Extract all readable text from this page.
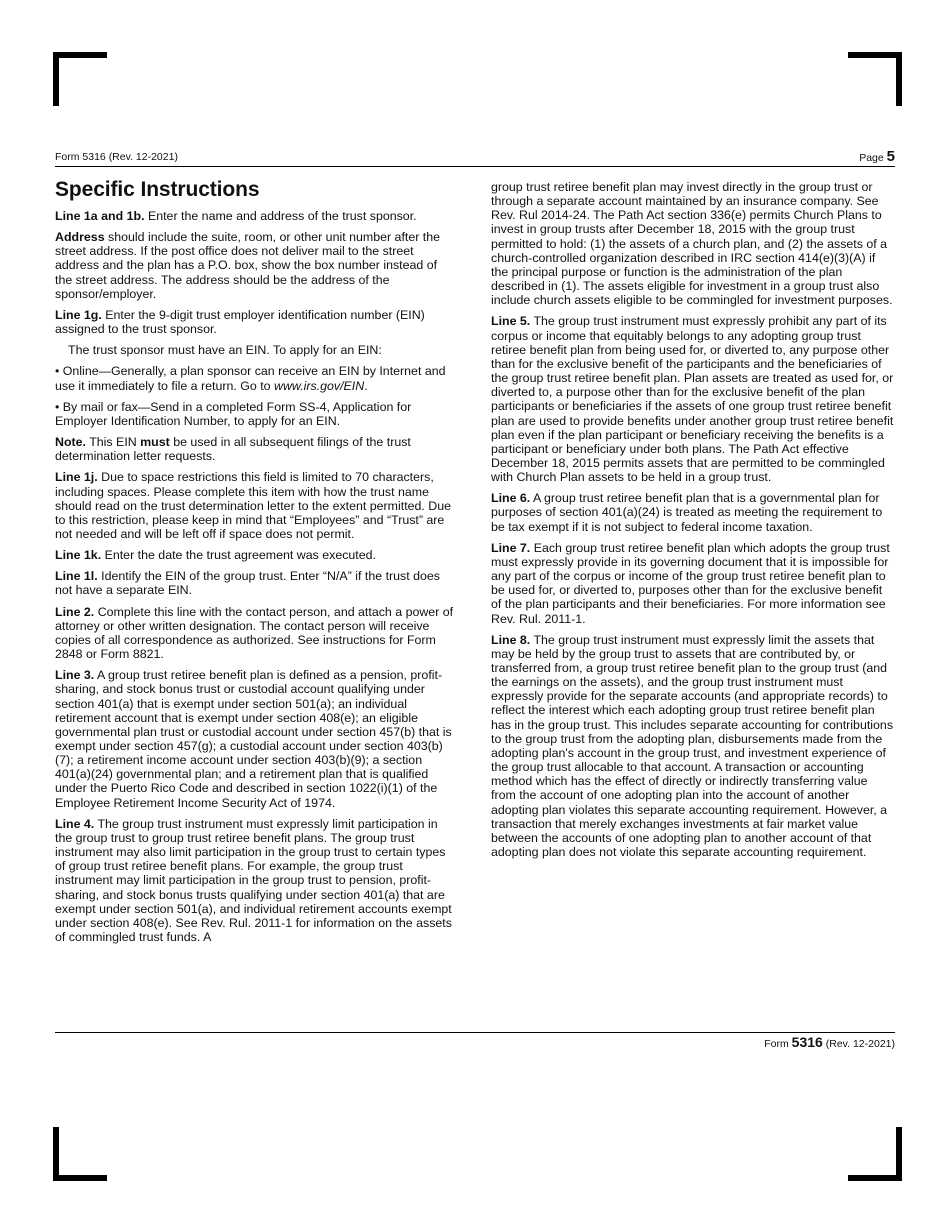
Form 5316 (Rev. 12-2021)	Page 5
Specific Instructions

Line 1a and 1b. Enter the name and address of the trust sponsor.

Address should include the suite, room, or other unit number after the street address. If the post office does not deliver mail to the street address and the plan has a P.O. box, show the box number instead of the street address. The address should be the address of the sponsor/employer.

Line 1g. Enter the 9-digit trust employer identification number (EIN) assigned to the trust sponsor.

The trust sponsor must have an EIN. To apply for an EIN:

• Online—Generally, a plan sponsor can receive an EIN by Internet and use it immediately to file a return. Go to www.irs.gov/EIN.

• By mail or fax—Send in a completed Form SS-4, Application for Employer Identification Number, to apply for an EIN.

Note. This EIN must be used in all subsequent filings of the trust determination letter requests.

Line 1j. Due to space restrictions this field is limited to 70 characters, including spaces. Please complete this item with how the trust name should read on the trust determination letter to the extent permitted. Due to this restriction, please keep in mind that “Employees” and “Trust” are not needed and will be left off if space does not permit.

Line 1k. Enter the date the trust agreement was executed.

Line 1l. Identify the EIN of the group trust. Enter “N/A” if the trust does not have a separate EIN.

Line 2. Complete this line with the contact person, and attach a power of attorney or other written designation. The contact person will receive copies of all correspondence as authorized. See instructions for Form 2848 or Form 8821.

Line 3. A group trust retiree benefit plan is defined as a pension, profit-sharing, and stock bonus trust or custodial account qualifying under section 401(a) that is exempt under section 501(a); an individual retirement account that is exempt under section 408(e); an eligible governmental plan trust or custodial account under section 457(b) that is exempt under section 457(g); a custodial account under section 403(b)(7); a retirement income account under section 403(b)(9); a section 401(a)(24) governmental plan; and a retirement plan that is qualified under the Puerto Rico Code and described in section 1022(i)(1) of the Employee Retirement Income Security Act of 1974.

Line 4. The group trust instrument must expressly limit participation in the group trust to group trust retiree benefit plans. The group trust instrument may also limit participation in the group trust to certain types of group trust retiree benefit plans. For example, the group trust instrument may limit participation in the group trust to pension, profit-sharing, and stock bonus trusts qualifying under section 401(a) that are exempt under section 501(a), and individual retirement accounts exempt under section 408(e). See Rev. Rul. 2011-1 for information on the assets of commingled trust funds. A

group trust retiree benefit plan may invest directly in the group trust or through a separate account maintained by an insurance company. See Rev. Rul 2014-24. The Path Act section 336(e) permits Church Plans to invest in group trusts after December 18, 2015 with the group trust permitted to hold: (1) the assets of a church plan, and (2) the assets of a church-controlled organization described in IRC section 414(e)(3)(A) if the principal purpose or function is the administration of the plan described in (1). The assets eligible for investment in a group trust also include church assets eligible to be commingled for investment purposes.

Line 5. The group trust instrument must expressly prohibit any part of its corpus or income that equitably belongs to any adopting group trust retiree benefit plan from being used for, or diverted to, any purpose other than for the exclusive benefit of the participants and the beneficiaries of the group trust retiree benefit plan. Plan assets are treated as used for, or diverted to, a purpose other than for the exclusive benefit of the plan participants or beneficiaries if the assets of one group trust retiree benefit plan are used to provide benefits under another group trust retiree benefit plan even if the plan participant or beneficiary receiving the benefits is a participant or beneficiary under both plans. The Path Act effective December 18, 2015 permits assets that are permitted to be commingled with Church Plan assets to be held in a group trust.

Line 6. A group trust retiree benefit plan that is a governmental plan for purposes of section 401(a)(24) is treated as meeting the requirement to be tax exempt if it is not subject to federal income taxation.

Line 7. Each group trust retiree benefit plan which adopts the group trust must expressly provide in its governing document that it is impossible for any part of the corpus or income of the group trust retiree benefit plan to be used for, or diverted to, purposes other than for the exclusive benefit of the plan participants and their beneficiaries. For more information see Rev. Rul. 2011-1.

Line 8. The group trust instrument must expressly limit the assets that may be held by the group trust to assets that are contributed by, or transferred from, a group trust retiree benefit plan to the group trust (and the earnings on the assets), and the group trust instrument must expressly provide for the separate accounts (and appropriate records) to reflect the interest which each adopting group trust retiree benefit plan has in the group trust. This includes separate accounting for contributions to the group trust from the adopting plan, disbursements made from the adopting plan's account in the group trust, and investment experience of the group trust allocable to that account. A transaction or accounting method which has the effect of directly or indirectly transferring value from the account of one adopting plan into the account of another adopting plan violates this separate accounting requirement. However, a transaction that merely exchanges investments at fair market value between the accounts of one adopting plan to another account of that adopting plan does not violate this separate accounting requirement.

Form 5316 (Rev. 12-2021)
